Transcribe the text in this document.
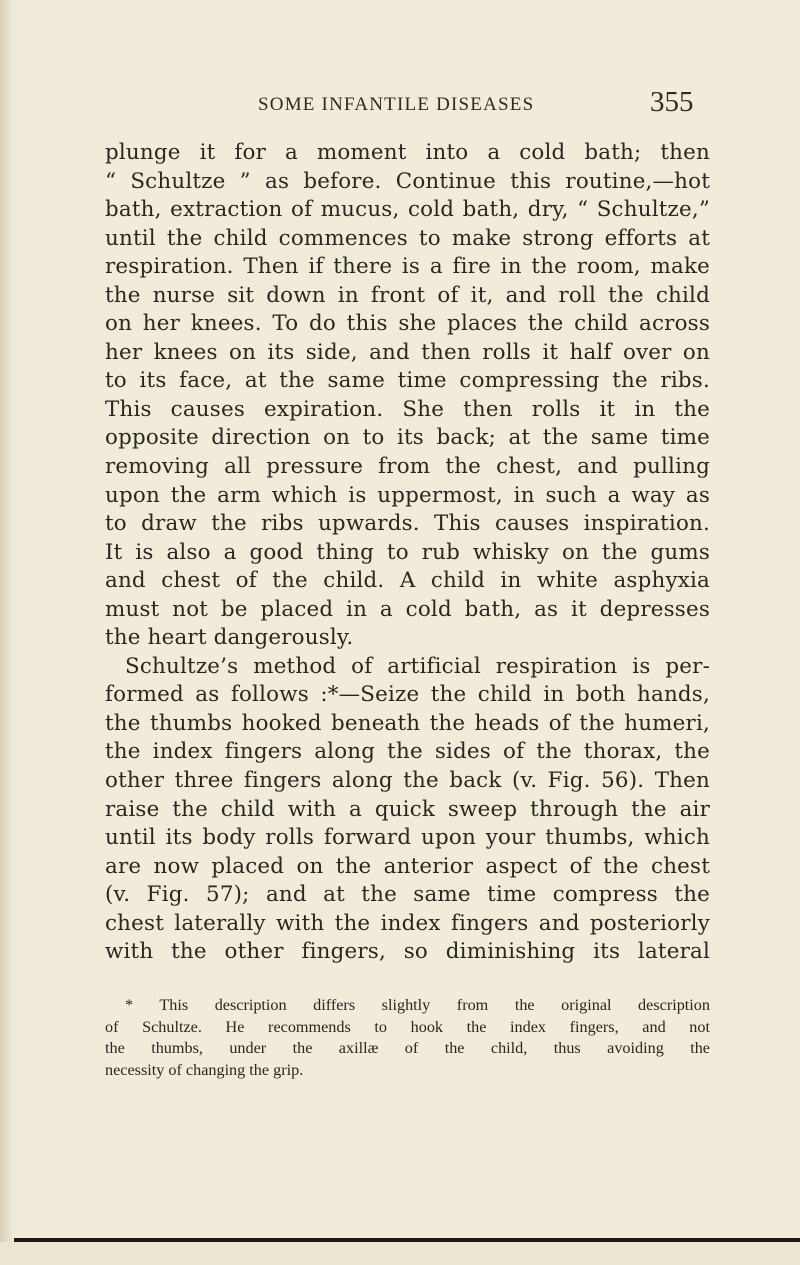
SOME INFANTILE DISEASES	355
plunge it for a moment into a cold bath; then
“ Schultze ” as before. Continue this routine,—hot
bath, extraction of mucus, cold bath, dry, “ Schultze,”
until the child commences to make strong efforts at
respiration. Then if there is a fire in the room, make
the nurse sit down in front of it, and roll the child
on her knees. To do this she places the child across
her knees on its side, and then rolls it half over on
to its face, at the same time compressing the ribs.
This causes expiration. She then rolls it in the
opposite direction on to its back; at the same time
removing all pressure from the chest, and pulling
upon the arm which is uppermost, in such a way as
to draw the ribs upwards. This causes inspiration.
It is also a good thing to rub whisky on the gums
and chest of the child. A child in white asphyxia
must not be placed in a cold bath, as it depresses
the heart dangerously.
Schultze’s method of artificial respiration is per-
formed as follows :*—Seize the child in both hands,
the thumbs hooked beneath the heads of the humeri,
the index fingers along the sides of the thorax, the
other three fingers along the back (v. Fig. 56). Then
raise the child with a quick sweep through the air
until its body rolls forward upon your thumbs, which
are now placed on the anterior aspect of the chest
(v. Fig. 57); and at the same time compress the
chest laterally with the index fingers and posteriorly
with the other fingers, so diminishing its lateral
* This description differs slightly from the original description
of Schultze. He recommends to hook the index fingers, and not
the thumbs, under the axillæ of the child, thus avoiding the
necessity of changing the grip.
